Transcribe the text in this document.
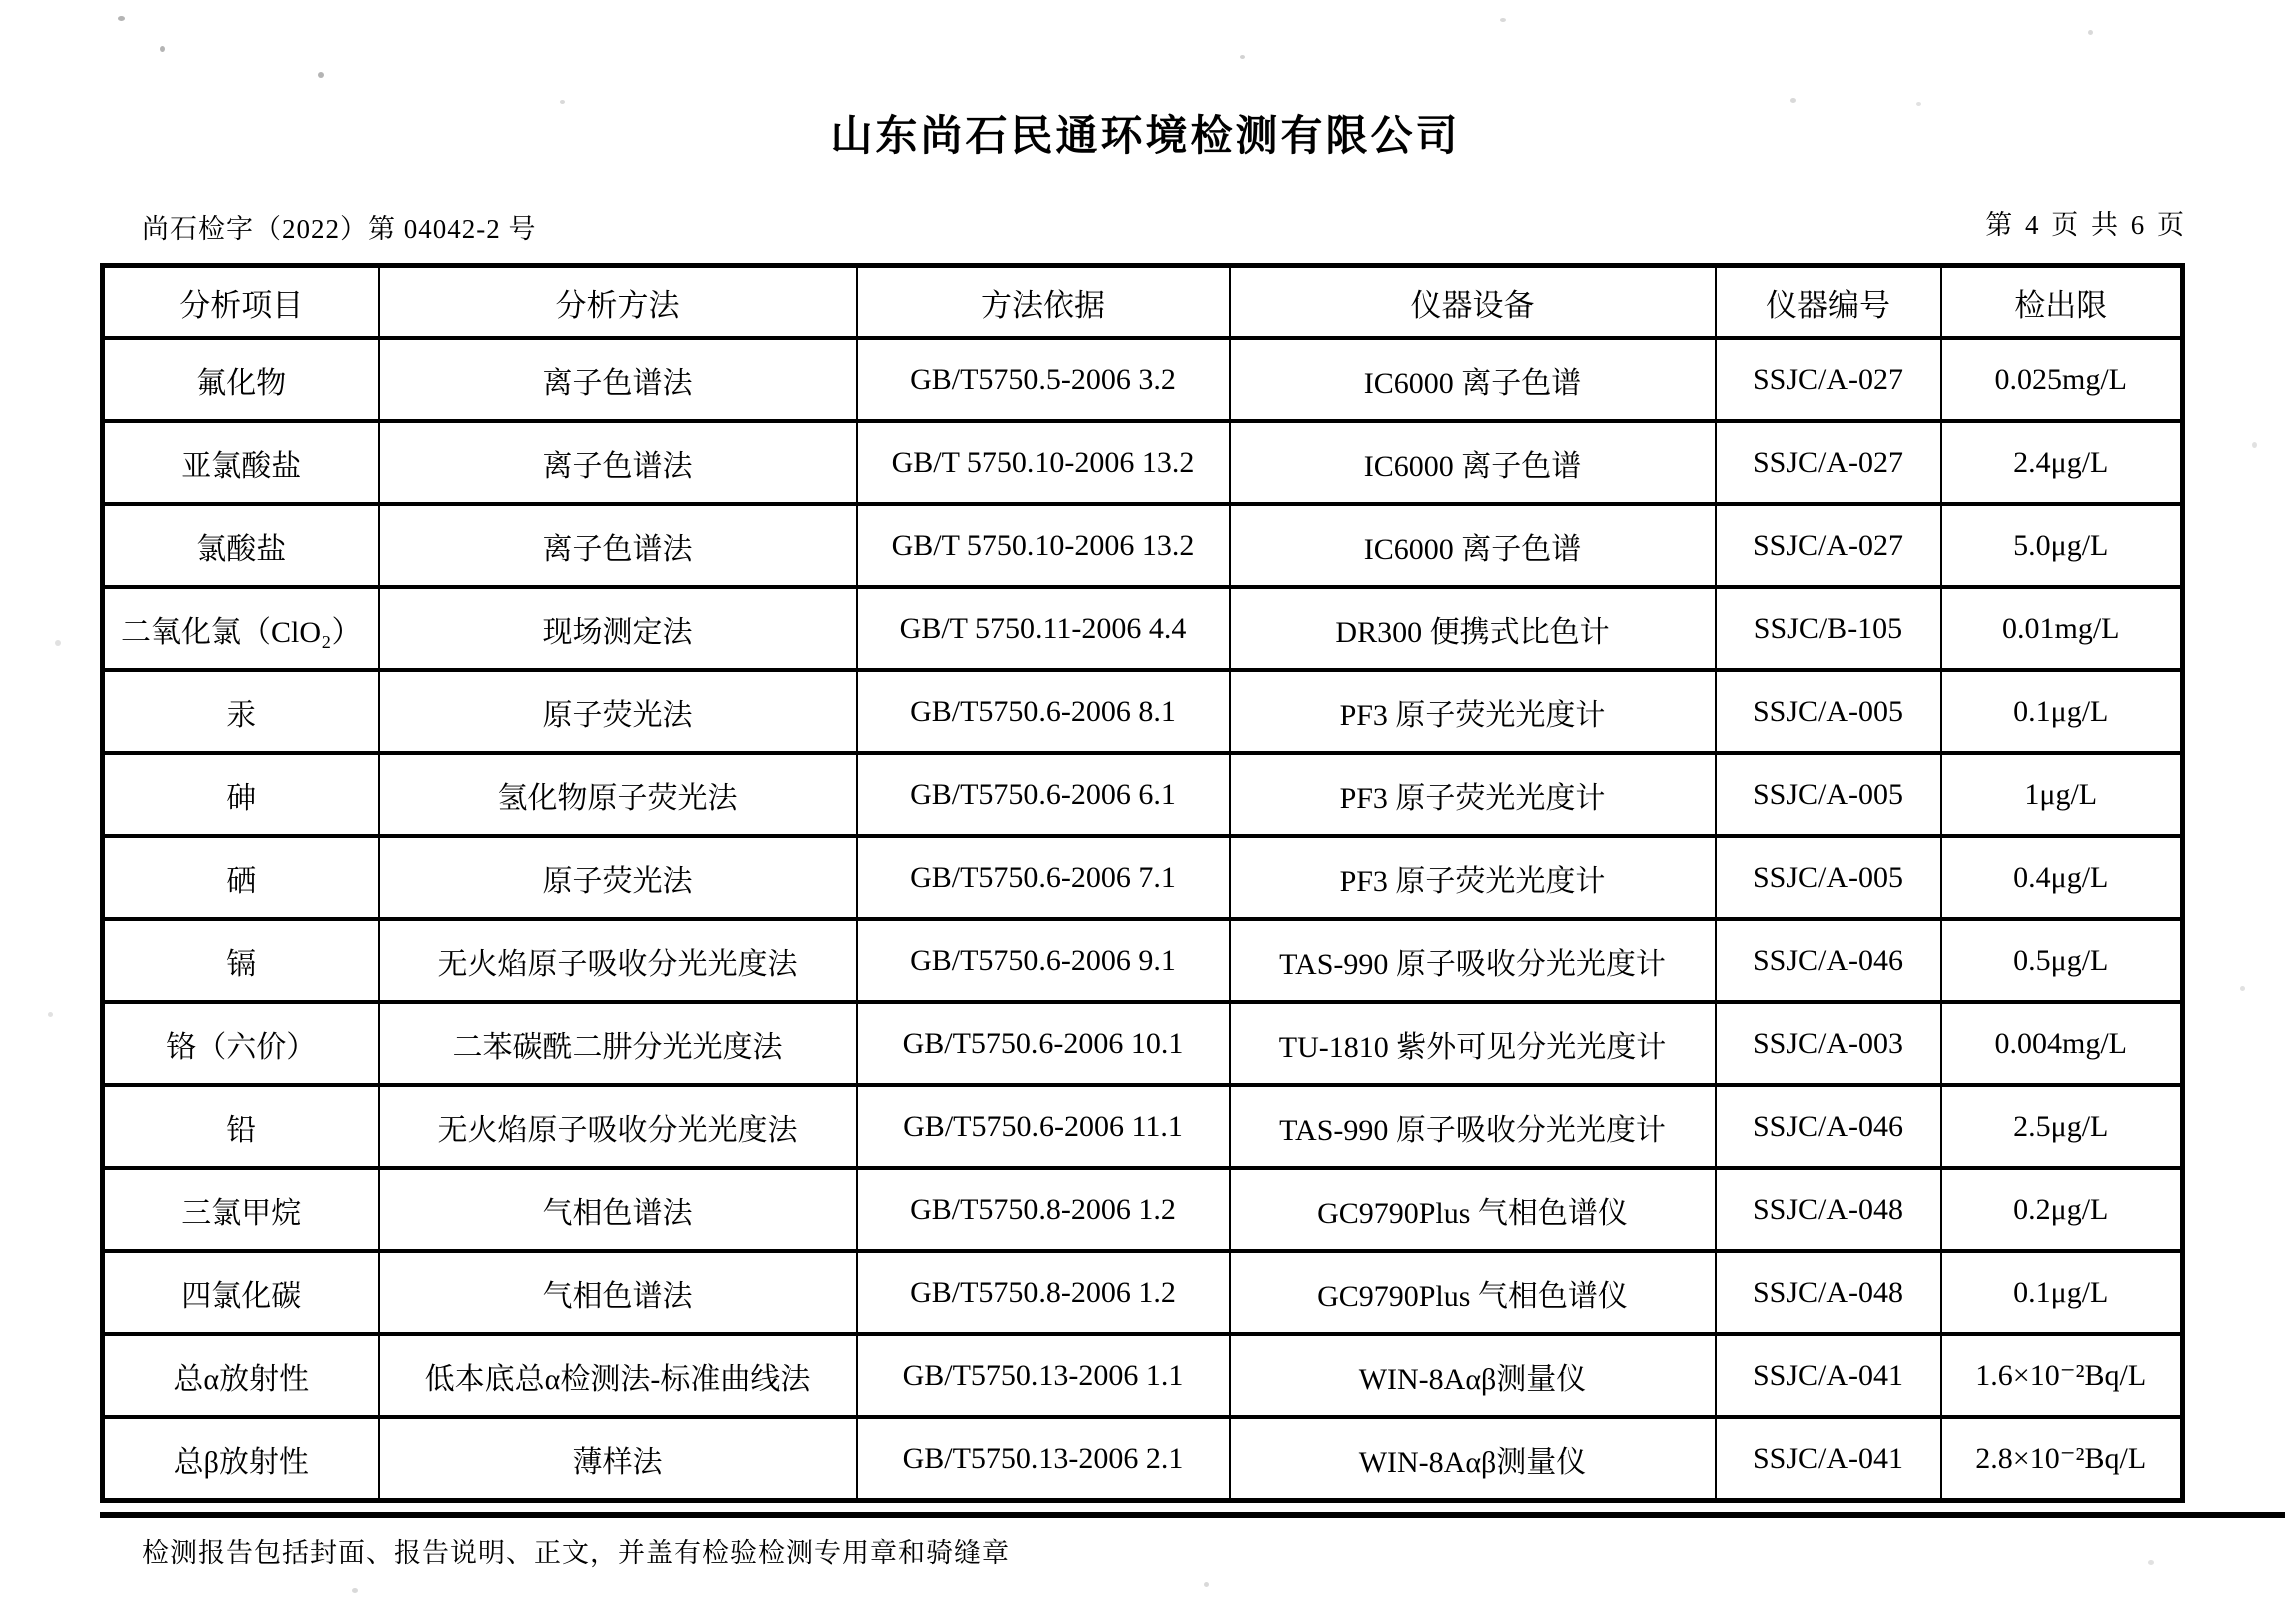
山东尚石民通环境检测有限公司
尚石检字（2022）第 04042-2 号	第 4 页 共 6 页
分析项目	分析方法	方法依据	仪器设备	仪器编号	检出限
氟化物	离子色谱法	GB/T5750.5-2006 3.2	IC6000 离子色谱	SSJC/A-027	0.025mg/L
亚氯酸盐	离子色谱法	GB/T 5750.10-2006 13.2	IC6000 离子色谱	SSJC/A-027	2.4μg/L
氯酸盐	离子色谱法	GB/T 5750.10-2006 13.2	IC6000 离子色谱	SSJC/A-027	5.0μg/L
二氧化氯（ClO₂）	现场测定法	GB/T 5750.11-2006 4.4	DR300 便携式比色计	SSJC/B-105	0.01mg/L
汞	原子荧光法	GB/T5750.6-2006 8.1	PF3 原子荧光光度计	SSJC/A-005	0.1μg/L
砷	氢化物原子荧光法	GB/T5750.6-2006 6.1	PF3 原子荧光光度计	SSJC/A-005	1μg/L
硒	原子荧光法	GB/T5750.6-2006 7.1	PF3 原子荧光光度计	SSJC/A-005	0.4μg/L
镉	无火焰原子吸收分光光度法	GB/T5750.6-2006 9.1	TAS-990 原子吸收分光光度计	SSJC/A-046	0.5μg/L
铬（六价）	二苯碳酰二肼分光光度法	GB/T5750.6-2006 10.1	TU-1810 紫外可见分光光度计	SSJC/A-003	0.004mg/L
铅	无火焰原子吸收分光光度法	GB/T5750.6-2006 11.1	TAS-990 原子吸收分光光度计	SSJC/A-046	2.5μg/L
三氯甲烷	气相色谱法	GB/T5750.8-2006 1.2	GC9790Plus 气相色谱仪	SSJC/A-048	0.2μg/L
四氯化碳	气相色谱法	GB/T5750.8-2006 1.2	GC9790Plus 气相色谱仪	SSJC/A-048	0.1μg/L
总α放射性	低本底总α检测法-标准曲线法	GB/T5750.13-2006 1.1	WIN-8Aαβ测量仪	SSJC/A-041	1.6×10⁻²Bq/L
总β放射性	薄样法	GB/T5750.13-2006 2.1	WIN-8Aαβ测量仪	SSJC/A-041	2.8×10⁻²Bq/L
检测报告包括封面、报告说明、正文，并盖有检验检测专用章和骑缝章
